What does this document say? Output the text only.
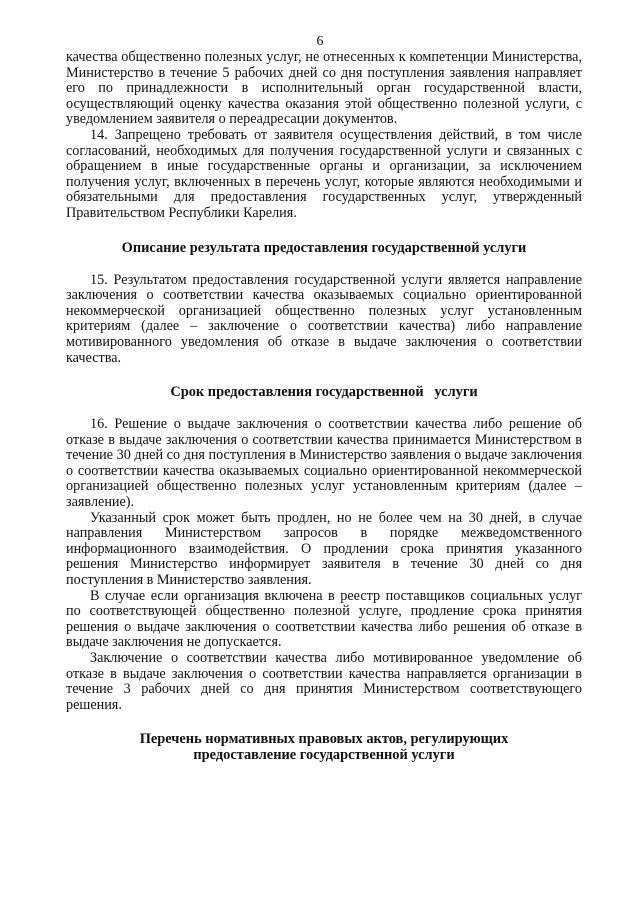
6

качества общественно полезных услуг, не отнесенных к компетенции Министерства, Министерство в течение 5 рабочих дней со дня поступления заявления направляет его по принадлежности в исполнительный орган государственной власти, осуществляющий оценку качества оказания этой общественно полезной услуги, с уведомлением заявителя о переадресации документов.

14. Запрещено требовать от заявителя осуществления действий, в том числе согласований, необходимых для получения государственной услуги и связанных с обращением в иные государственные органы и организации, за исключением получения услуг, включенных в перечень услуг, которые являются необходимыми и обязательными для предоставления государственных услуг, утвержденный Правительством Республики Карелия.

Описание результата предоставления государственной услуги

15. Результатом предоставления государственной услуги является направление заключения о соответствии качества оказываемых социально ориентированной некоммерческой организацией общественно полезных услуг установленным критериям (далее – заключение о соответствии качества) либо направление мотивированного уведомления об отказе в выдаче заключения о соответствии качества.

Срок предоставления государственной   услуги

16. Решение о выдаче заключения о соответствии качества либо решение об отказе в выдаче заключения о соответствии качества принимается Министерством в течение 30 дней со дня поступления в Министерство заявления о выдаче заключения о соответствии качества оказываемых социально ориентированной некоммерческой организацией общественно полезных услуг установленным критериям (далее – заявление).

Указанный срок может быть продлен, но не более чем на 30 дней, в случае направления Министерством запросов в порядке межведомственного информационного взаимодействия. О продлении срока принятия указанного решения Министерство информирует заявителя в течение 30 дней со дня поступления в Министерство заявления.

В случае если организация включена в реестр поставщиков социальных услуг по соответствующей общественно полезной услуге, продление срока принятия решения о выдаче заключения о соответствии качества либо решения об отказе в выдаче заключения не допускается.

Заключение о соответствии качества либо мотивированное уведомление об отказе в выдаче заключения о соответствии качества направляется организации в течение 3 рабочих дней со дня принятия Министерством соответствующего решения.

Перечень нормативных правовых актов, регулирующих

предоставление государственной услуги
